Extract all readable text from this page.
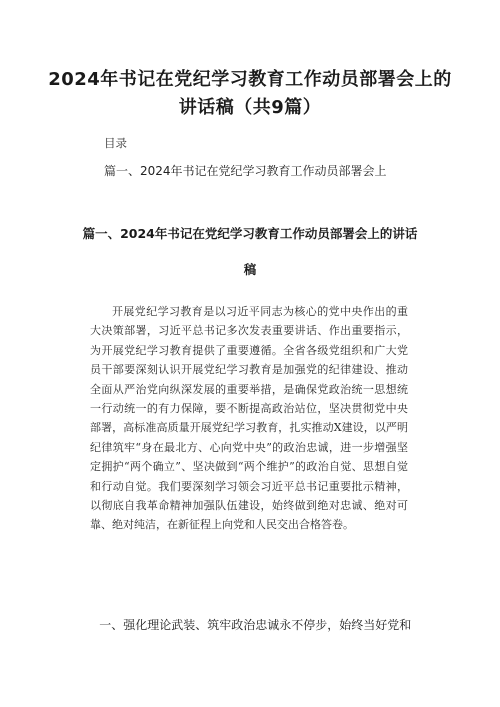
2024年书记在党纪学习教育工作动员部署会上的讲话稿（共9篇）
目录
篇一、2024年书记在党纪学习教育工作动员部署会上
篇一、2024年书记在党纪学习教育工作动员部署会上的讲话稿

开展党纪学习教育是以习近平同志为核心的党中央作出的重大决策部署，习近平总书记多次发表重要讲话、作出重要指示，为开展党纪学习教育提供了重要遵循。全省各级党组织和广大党员干部要深刻认识开展党纪学习教育是加强党的纪律建设、推动全面从严治党向纵深发展的重要举措，是确保党政治统一思想统一行动统一的有力保障，要不断提高政治站位，坚决贯彻党中央部署，高标准高质量开展党纪学习教育，扎实推动X建设，以严明纪律筑牢“身在最北方、心向党中央”的政治忠诚，进一步增强坚定拥护“两个确立”、坚决做到“两个维护”的政治自觉、思想自觉和行动自觉。我们要深刻学习领会习近平总书记重要批示精神，以彻底自我革命精神加强队伍建设，始终做到绝对忠诚、绝对可靠、绝对纯洁，在新征程上向党和人民交出合格答卷。

一、强化理论武装、筑牢政治忠诚永不停步，始终当好党和
